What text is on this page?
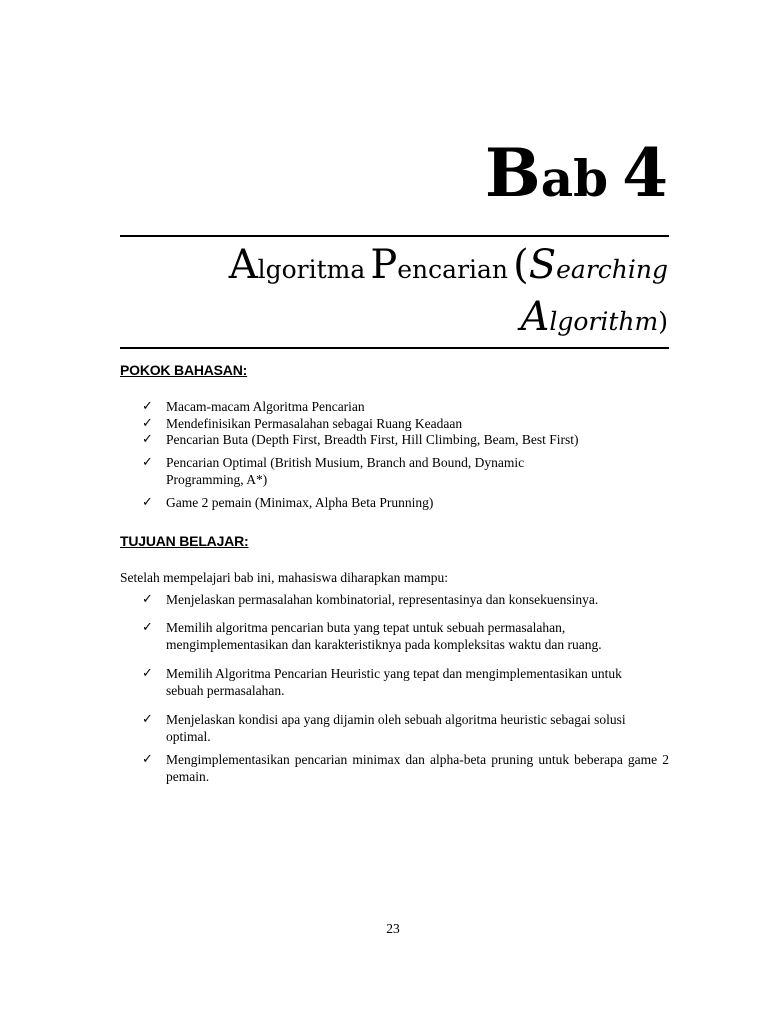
Bab 4
Algoritma Pencarian (Searching
Algorithm)
POKOK BAHASAN:
✓ Macam-macam Algoritma Pencarian
✓ Mendefinisikan Permasalahan sebagai Ruang Keadaan
✓ Pencarian Buta (Depth First, Breadth First, Hill Climbing, Beam, Best First)
✓ Pencarian Optimal (British Musium, Branch and Bound, Dynamic Programming, A*)
✓ Game 2 pemain (Minimax, Alpha Beta Prunning)
TUJUAN BELAJAR:
Setelah mempelajari bab ini, mahasiswa diharapkan mampu:
✓ Menjelaskan permasalahan kombinatorial, representasinya dan konsekuensinya.
✓ Memilih algoritma pencarian buta yang tepat untuk sebuah permasalahan, mengimplementasikan dan karakteristiknya pada kompleksitas waktu dan ruang.
✓ Memilih Algoritma Pencarian Heuristic yang tepat dan mengimplementasikan untuk sebuah permasalahan.
✓ Menjelaskan kondisi apa yang dijamin oleh sebuah algoritma heuristic sebagai solusi optimal.
✓ Mengimplementasikan pencarian minimax dan alpha-beta pruning untuk beberapa game 2 pemain.
23
